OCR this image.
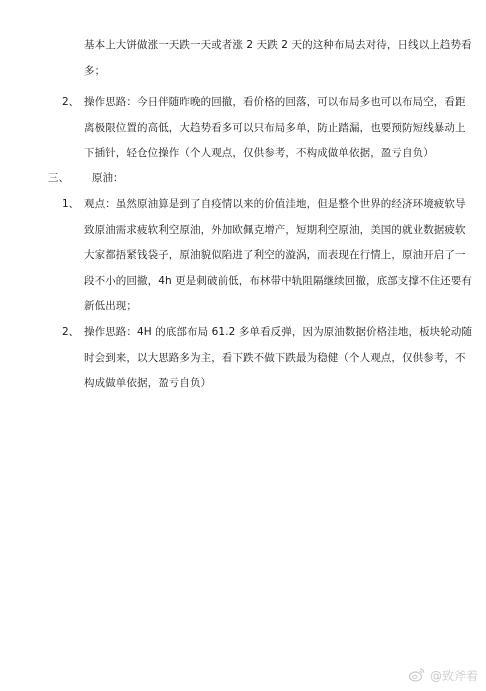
基本上大饼做涨一天跌一天或者涨 2 天跌 2 天的这种布局去对待，日线以上趋势看
多；
2、 操作思路：今日伴随昨晚的回撤，看价格的回落，可以布局多也可以布局空，看距
离极限位置的高低，大趋势看多可以只布局多单，防止踏漏，也要预防短线暴动上
下插针，轻仓位操作（个人观点，仅供参考，不构成做单依据，盈亏自负）
三、 原油：
1、 观点：虽然原油算是到了自疫情以来的价值洼地，但是整个世界的经济环境疲软导
致原油需求疲软利空原油，外加欧佩克增产，短期利空原油，美国的就业数据疲软
大家都捂紧钱袋子，原油貌似陷进了利空的漩涡，而表现在行情上，原油开启了一
段不小的回撤，4h 更是刺破前低，布林带中轨阻隔继续回撤，底部支撑不住还要有
新低出现；
2、 操作思路：4H 的底部布局 61.2 多单看反弹，因为原油数据价格洼地，板块轮动随
时会到来，以大思路多为主，看下跌不做下跌最为稳健（个人观点，仅供参考，不
构成做单依据，盈亏自负）
@致斧着
